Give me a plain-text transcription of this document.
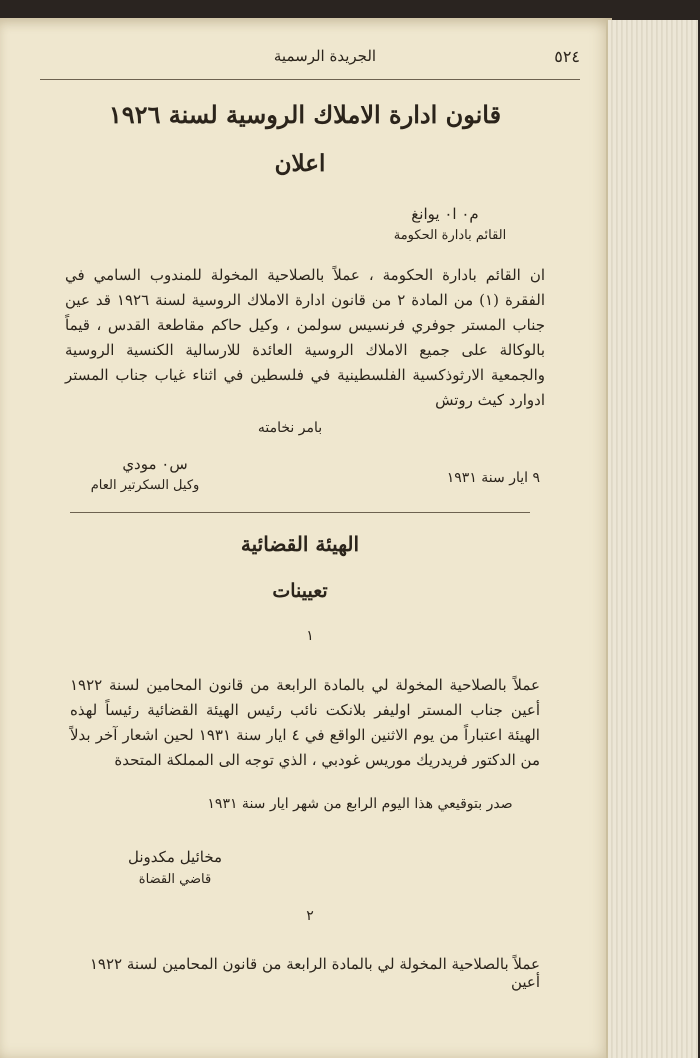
الجريدة الرسمية	٥٢٤
قانون ادارة الاملاك الروسية لسنة ١٩٢٦
اعلان
م٠ ا٠ يوانغ
القائم بادارة الحكومة
ان القائم بادارة الحكومة ، عملاً بالصلاحية المخولة للمندوب السامي في الفقرة (١) من المادة ٢ من قانون ادارة الاملاك الروسية لسنة ١٩٢٦ قد عين جناب المستر جوفري فرنسيس سولمن ، وكيل حاكم مقاطعة القدس ، قيماً بالوكالة على جميع الاملاك الروسية العائدة للارسالية الكنسية الروسية والجمعية الارثوذكسية الفلسطينية في فلسطين في اثناء غياب جناب المستر ادوارد كيث روتش
بامر نخامته
س٠ مودي
وكيل السكرتير العام	٩ ايار سنة ١٩٣١
الهيئة القضائية
تعيينات
١
عملاً بالصلاحية المخولة لي بالمادة الرابعة من قانون المحامين لسنة ١٩٢٢ أعين جناب المستر اوليفر بلانكت نائب رئيس الهيئة القضائية رئيساً لهذه الهيئة اعتباراً من يوم الاثنين الواقع في ٤ ايار سنة ١٩٣١ لحين اشعار آخر بدلاً من الدكتور فريدريك موريس غودبي ، الذي توجه الى المملكة المتحدة
صدر بتوقيعي هذا اليوم الرابع من شهر ايار سنة ١٩٣١
مخائيل مكدونل
قاضي القضاة
٢
عملاً بالصلاحية المخولة لي بالمادة الرابعة من قانون المحامين لسنة ١٩٢٢ أعين
